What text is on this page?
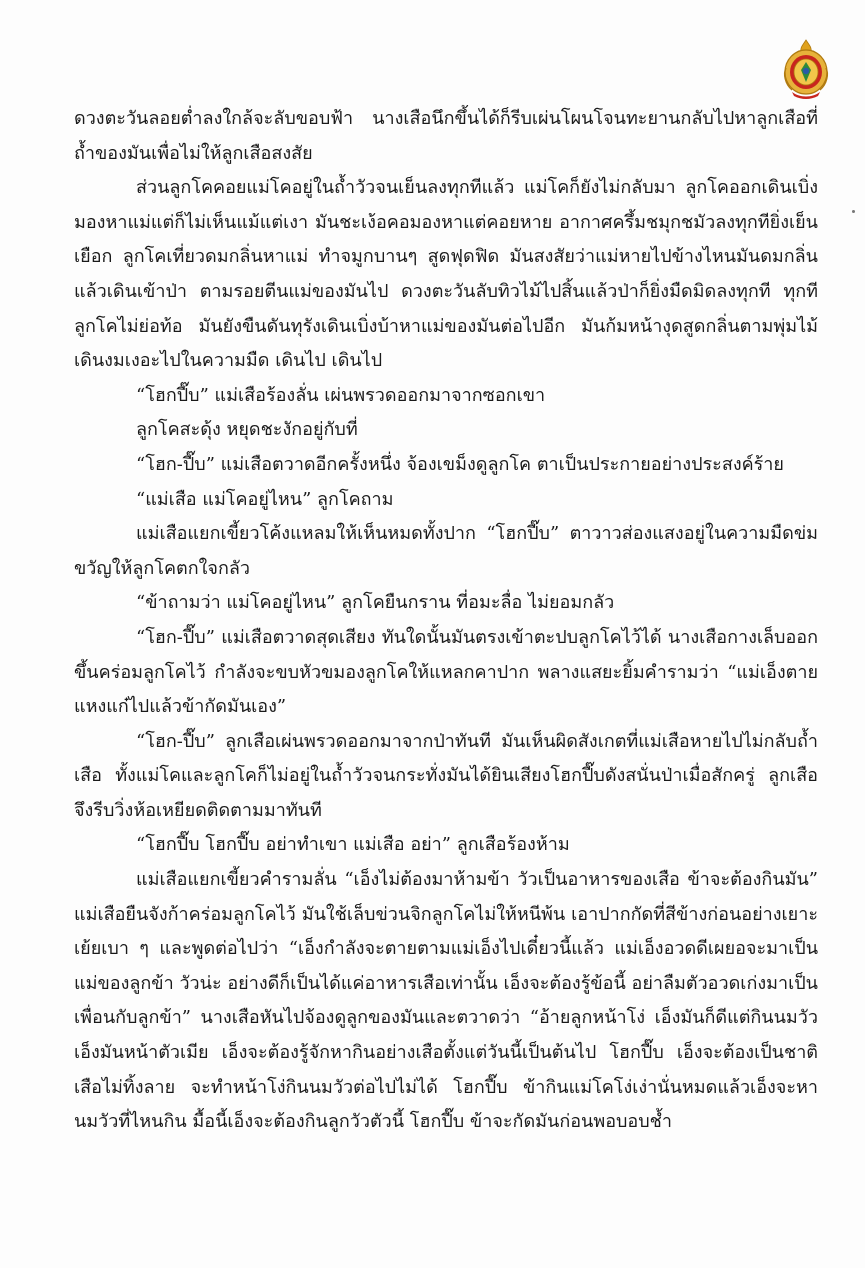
ดวงตะวันลอยต่ำลงใกล้จะลับขอบฟ้า นางเสือนึกขึ้นได้ก็รีบเผ่นโผนโจนทะยานกลับไปหาลูกเสือที่ถ้ำของมันเพื่อไม่ให้ลูกเสือสงสัย

ส่วนลูกโคคอยแม่โคอยู่ในถ้ำวัวจนเย็นลงทุกทีแล้ว แม่โคก็ยังไม่กลับมา ลูกโคออกเดินเบิ่งมองหาแม่แต่ก็ไม่เห็นแม้แต่เงา มันชะเง้อคอมองหาแต่คอยหาย อากาศครึ้มชมุกชมัวลงทุกทียิ่งเย็นเยือก ลูกโคเที่ยวดมกลิ่นหาแม่ ทำจมูกบานๆ สูดฟุดฟิด มันสงสัยว่าแม่หายไปข้างไหนมันดมกลิ่นแล้วเดินเข้าป่า ตามรอยตีนแม่ของมันไป ดวงตะวันลับทิวไม้ไปสิ้นแล้วป่าก็ยิ่งมืดมิดลงทุกที ทุกที ลูกโคไม่ย่อท้อ มันยังขืนดันทุรังเดินเบิ่งบ้าหาแม่ของมันต่อไปอีก มันก้มหน้างุดสูดกลิ่นตามพุ่มไม้ เดินงมเงอะไปในความมืด เดินไป เดินไป

“โฮกปี๊บ” แม่เสือร้องลั่น เผ่นพรวดออกมาจากซอกเขา

ลูกโคสะดุ้ง หยุดชะงักอยู่กับที่

“โฮก-ปี๊บ” แม่เสือตวาดอีกครั้งหนึ่ง จ้องเขม็งดูลูกโค ตาเป็นประกายอย่างประสงค์ร้าย

“แม่เสือ แม่โคอยู่ไหน” ลูกโคถาม

แม่เสือแยกเขี้ยวโค้งแหลมให้เห็นหมดทั้งปาก “โฮกปี๊บ” ตาวาวส่องแสงอยู่ในความมืดข่มขวัญให้ลูกโคตกใจกลัว

“ข้าถามว่า แม่โคอยู่ไหน” ลูกโคยืนกราน ที่อมะลื่อ ไม่ยอมกลัว

“โฮก-ปี๊บ” แม่เสือตวาดสุดเสียง ทันใดนั้นมันตรงเข้าตะปบลูกโคไว้ได้ นางเสือกางเล็บออก ขึ้นคร่อมลูกโคไว้ กำลังจะขบหัวขมองลูกโคให้แหลกคาปาก พลางแสยะยิ้มคำรามว่า “แม่เอ็งตายแหงแก๋ไปแล้วข้ากัดมันเอง”

“โฮก-ปี๊บ” ลูกเสือเผ่นพรวดออกมาจากป่าทันที มันเห็นผิดสังเกตที่แม่เสือหายไปไม่กลับถ้ำเสือ ทั้งแม่โคและลูกโคก็ไม่อยู่ในถ้ำวัวจนกระทั่งมันได้ยินเสียงโฮกปี๊บดังสนั่นป่าเมื่อสักครู่ ลูกเสือจึงรีบวิ่งห้อเหยียดติดตามมาทันที

“โฮกปี๊บ โฮกปี๊บ อย่าทำเขา แม่เสือ อย่า” ลูกเสือร้องห้าม

แม่เสือแยกเขี้ยวคำรามลั่น “เอ็งไม่ต้องมาห้ามข้า วัวเป็นอาหารของเสือ ข้าจะต้องกินมัน” แม่เสือยืนจังก้าคร่อมลูกโคไว้ มันใช้เล็บข่วนจิกลูกโคไม่ให้หนีพ้น เอาปากกัดที่สีข้างก่อนอย่างเยาะเย้ยเบา ๆ และพูดต่อไปว่า “เอ็งกำลังจะตายตามแม่เอ็งไปเดี๋ยวนี้แล้ว แม่เอ็งอวดดีเผยอจะมาเป็นแม่ของลูกข้า วัวน่ะ อย่างดีก็เป็นได้แค่อาหารเสือเท่านั้น เอ็งจะต้องรู้ข้อนี้ อย่าลืมตัวอวดเก่งมาเป็นเพื่อนกับลูกข้า” นางเสือหันไปจ้องดูลูกของมันและตวาดว่า “อ้ายลูกหน้าโง่ เอ็งมันก็ดีแต่กินนมวัว เอ็งมันหน้าตัวเมีย เอ็งจะต้องรู้จักหากินอย่างเสือตั้งแต่วันนี้เป็นต้นไป โฮกปี๊บ เอ็งจะต้องเป็นชาติเสือไม่ทิ้งลาย จะทำหน้าโง่กินนมวัวต่อไปไม่ได้ โฮกปี๊บ ข้ากินแม่โคโง่เง่านั่นหมดแล้วเอ็งจะหานมวัวที่ไหนกิน มื้อนี้เอ็งจะต้องกินลูกวัวตัวนี้ โฮกปี๊บ ข้าจะกัดมันก่อนพอบอบช้ำ
